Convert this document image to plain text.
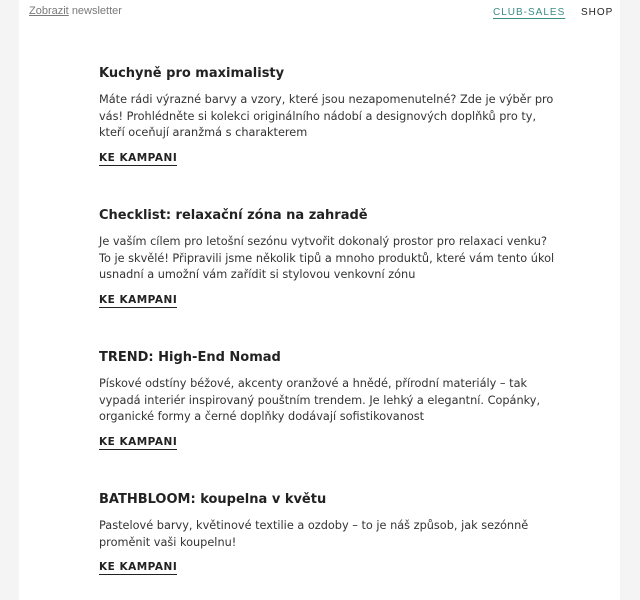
Zobrazit newsletter	CLUB-SALES SHOP
Kuchyně pro maximalisty

Máte rádi výrazné barvy a vzory, které jsou nezapomenutelné? Zde je výběr pro vás! Prohlédněte si kolekci originálního nádobí a designových doplňků pro ty, kteří oceňují aranžmá s charakterem

KE KAMPANI
Checklist: relaxační zóna na zahradě

Je vaším cílem pro letošní sezónu vytvořit dokonalý prostor pro relaxaci venku? To je skvělé! Připravili jsme několik tipů a mnoho produktů, které vám tento úkol usnadní a umožní vám zařídit si stylovou venkovní zónu

KE KAMPANI
TREND: High-End Nomad

Pískové odstíny béžové, akcenty oranžové a hnědé, přírodní materiály – tak vypadá interiér inspirovaný pouštním trendem. Je lehký a elegantní. Copánky, organické formy a černé doplňky dodávají sofistikovanost

KE KAMPANI
BATHBLOOM: koupelna v květu

Pastelové barvy, květinové textilie a ozdoby – to je náš způsob, jak sezónně proměnit vaši koupelnu!

KE KAMPANI
